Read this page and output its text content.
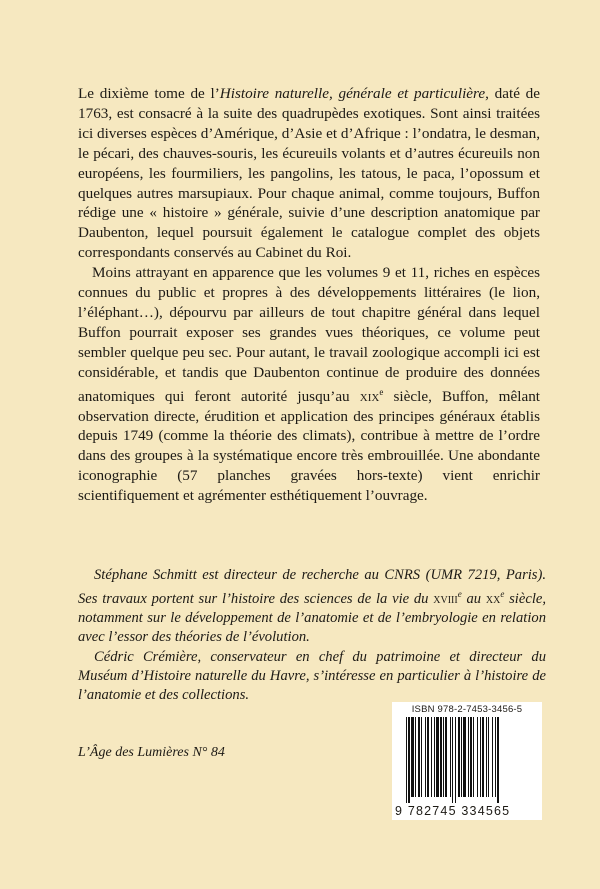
Le dixième tome de l’Histoire naturelle, générale et particulière, daté de 1763, est consacré à la suite des quadrupèdes exotiques. Sont ainsi traitées ici diverses espèces d’Amérique, d’Asie et d’Afrique : l’ondatra, le desman, le pécari, des chauves-souris, les écureuils volants et d’autres écureuils non européens, les fourmiliers, les pangolins, les tatous, le paca, l’opossum et quelques autres marsupiaux. Pour chaque animal, comme toujours, Buffon rédige une « histoire » générale, suivie d’une description anatomique par Daubenton, lequel poursuit également le catalogue complet des objets correspondants conservés au Cabinet du Roi.

Moins attrayant en apparence que les volumes 9 et 11, riches en espèces connues du public et propres à des développements littéraires (le lion, l’éléphant…), dépourvu par ailleurs de tout chapitre général dans lequel Buffon pourrait exposer ses grandes vues théoriques, ce volume peut sembler quelque peu sec. Pour autant, le travail zoologique accompli ici est considérable, et tandis que Daubenton continue de produire des données anatomiques qui feront autorité jusqu’au xix$^e$ siècle, Buffon, mêlant observation directe, érudition et application des principes généraux établis depuis 1749 (comme la théorie des climats), contribue à mettre de l’ordre dans des groupes à la systématique encore très embrouillée. Une abondante iconographie (57 planches gravées hors-texte) vient enrichir scientifiquement et agrémenter esthétiquement l’ouvrage.

Stéphane Schmitt est directeur de recherche au CNRS (UMR 7219, Paris). Ses travaux portent sur l’histoire des sciences de la vie du xviii$^e$ au $xx^e$ siècle, notamment sur le développement de l’anatomie et de l’embryologie en relation avec l’essor des théories de l’évolution.

Cédric Crémière, conservateur en chef du patrimoine et directeur du Muséum d’Histoire naturelle du Havre, s’intéresse en particulier à l’histoire de l’anatomie et des collections.

L’Âge des Lumières N° 84
ISBN 978-2-7453-3456-5
9 782745 334565
